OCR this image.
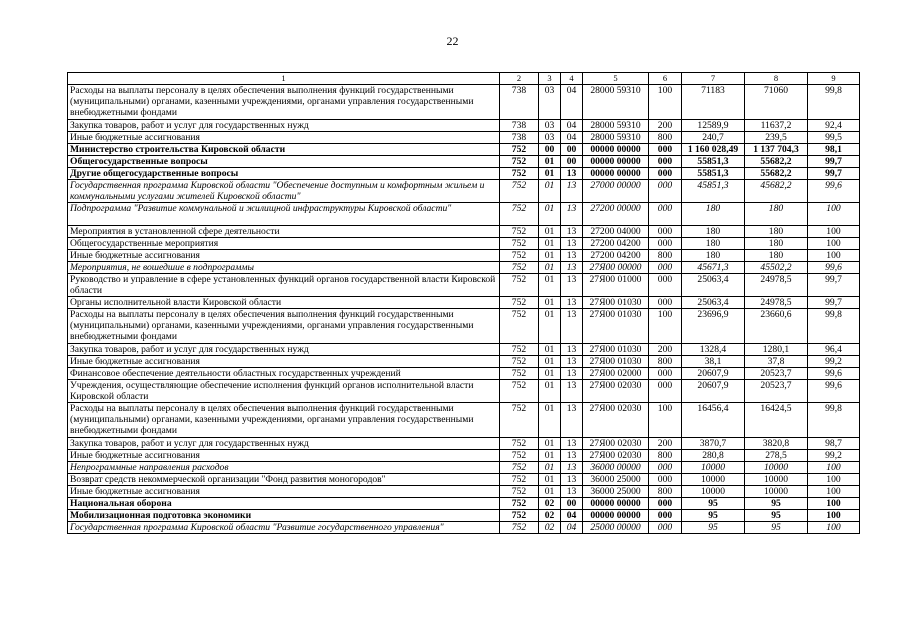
22
1	2	3	4	5	6	7	8	9
Расходы на выплаты персоналу в целях обеспечения выполнения функций государственными (муниципальными) органами, казенными учреждениями, органами управления государственными внебюджетными фондами	738	03	04	28000 59310	100	71183	71060	99,8
Закупка товаров, работ и услуг для государственных нужд	738	03	04	28000 59310	200	12589,9	11637,2	92,4
Иные бюджетные ассигнования	738	03	04	28000 59310	800	240,7	239,5	99,5
Министерство строительства Кировской области	752	00	00	00000 00000	000	1 160 028,49	1 137 704,3	98,1
Общегосударственные вопросы	752	01	00	00000 00000	000	55851,3	55682,2	99,7
Другие общегосударственные вопросы	752	01	13	00000 00000	000	55851,3	55682,2	99,7
Государственная программа Кировской области "Обеспечение доступным и комфортным жильем и коммунальными услугами жителей Кировской области"	752	01	13	27000 00000	000	45851,3	45682,2	99,6
Подпрограмма "Развитие коммунальной и жилищной инфраструктуры Кировской области"	752	01	13	27200 00000	000	180	180	100
Мероприятия в установленной сфере деятельности	752	01	13	27200 04000	000	180	180	100
Общегосударственные мероприятия	752	01	13	27200 04200	000	180	180	100
Иные бюджетные ассигнования	752	01	13	27200 04200	800	180	180	100
Мероприятия, не вошедшие в подпрограммы	752	01	13	27Я00 00000	000	45671,3	45502,2	99,6
Руководство и управление в сфере установленных функций органов государственной власти Кировской области	752	01	13	27Я00 01000	000	25063,4	24978,5	99,7
Органы исполнительной власти Кировской области	752	01	13	27Я00 01030	000	25063,4	24978,5	99,7
Расходы на выплаты персоналу в целях обеспечения выполнения функций государственными (муниципальными) органами, казенными учреждениями, органами управления государственными внебюджетными фондами	752	01	13	27Я00 01030	100	23696,9	23660,6	99,8
Закупка товаров, работ и услуг для государственных нужд	752	01	13	27Я00 01030	200	1328,4	1280,1	96,4
Иные бюджетные ассигнования	752	01	13	27Я00 01030	800	38,1	37,8	99,2
Финансовое обеспечение деятельности областных государственных учреждений	752	01	13	27Я00 02000	000	20607,9	20523,7	99,6
Учреждения, осуществляющие обеспечение исполнения функций органов исполнительной власти Кировской области	752	01	13	27Я00 02030	000	20607,9	20523,7	99,6
Расходы на выплаты персоналу в целях обеспечения выполнения функций государственными (муниципальными) органами, казенными учреждениями, органами управления государственными внебюджетными фондами	752	01	13	27Я00 02030	100	16456,4	16424,5	99,8
Закупка товаров, работ и услуг для государственных нужд	752	01	13	27Я00 02030	200	3870,7	3820,8	98,7
Иные бюджетные ассигнования	752	01	13	27Я00 02030	800	280,8	278,5	99,2
Непрограммные направления расходов	752	01	13	36000 00000	000	10000	10000	100
Возврат средств некоммерческой организации "Фонд развития моногородов"	752	01	13	36000 25000	000	10000	10000	100
Иные бюджетные ассигнования	752	01	13	36000 25000	800	10000	10000	100
Национальная оборона	752	02	00	00000 00000	000	95	95	100
Мобилизационная подготовка экономики	752	02	04	00000 00000	000	95	95	100
Государственная программа Кировской области "Развитие государственного управления"	752	02	04	25000 00000	000	95	95	100
